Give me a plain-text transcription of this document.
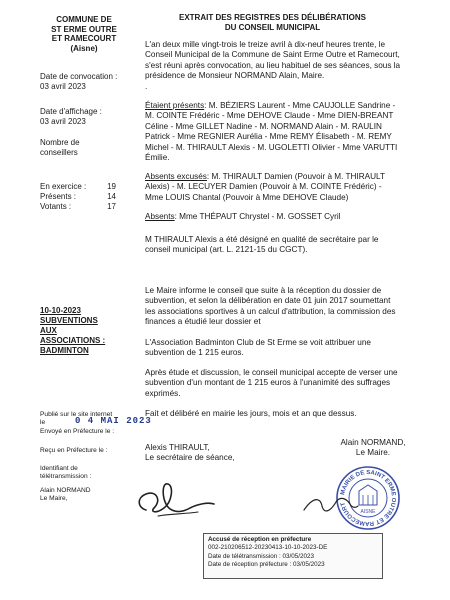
COMMUNE DE
ST ERME OUTRE
ET RAMECOURT
(Aisne)
EXTRAIT DES REGISTRES DES DÉLIBÉRATIONS
DU CONSEIL MUNICIPAL
Date de convocation :
03 avril 2023
Date d'affichage :
03 avril 2023
Nombre de
conseillers
En exercice :	19
Présents :	14
Votants :	17
10-10-2023
SUBVENTIONS
AUX
ASSOCIATIONS :
BADMINTON
L'an deux mille vingt-trois le treize avril à dix-neuf heures trente, le
Conseil Municipal de la Commune de Saint Erme Outre et Ramecourt,
s'est réuni après convocation, au lieu habituel de ses séances, sous la
présidence de Monsieur NORMAND Alain, Maire.
.
Étaient présents: M. BÉZIERS Laurent - Mme CAUJOLLE Sandrine -
M. COINTE Frédéric - Mme DEHOVE Claude - Mme DIEN-BREANT
Céline - Mme GILLET Nadine - M. NORMAND Alain - M. RAULIN
Patrick - Mme REGNIER Aurélia - Mme REMY Élisabeth - M. REMY
Michel - M. THIRAULT Alexis - M. UGOLETTI Olivier - Mme VARUTTI
Émilie.
Absents excusés: M. THIRAULT Damien (Pouvoir à M. THIRAULT
Alexis) - M. LECUYER Damien (Pouvoir à M. COINTE Frédéric) -
Mme LOUIS Chantal (Pouvoir à Mme DEHOVE Claude)
Absents: Mme THÉPAUT Chrystel - M. GOSSET Cyril
M THIRAULT Alexis a été désigné en qualité de secrétaire par le
conseil municipal (art. L. 2121-15 du CGCT).
Le Maire informe le conseil que suite à la réception du dossier de
subvention, et selon la délibération en date 01 juin 2017 soumettant
les associations sportives à un calcul d'attribution, la commission des
finances a étudié leur dossier et
L'Association Badminton Club de St Erme se voit attribuer une
subvention de 1 215 euros.
Après étude et discussion, le conseil municipal accepte de verser une
subvention d'un montant de 1 215 euros à l'unanimité des suffrages
exprimés.
Fait et délibéré en mairie les jours, mois et an que dessus.
Publié sur le site internet
le
Envoyé en Préfecture le :
0 4 MAI 2023
Reçu en Préfecture le :
Identifiant de
télétransmission :
Alain NORMAND
Le Maire,
Alexis THIRAULT,
Le secrétaire de séance,
Alain NORMAND,
Le Maire.
MAIRIE DE SAINT ERME OUTRE ET RAMECOURT
AISNE
Accusé de réception en préfecture
002-210206512-20230413-10-10-2023-DE
Date de télétransmission : 03/05/2023
Date de réception préfecture : 03/05/2023
